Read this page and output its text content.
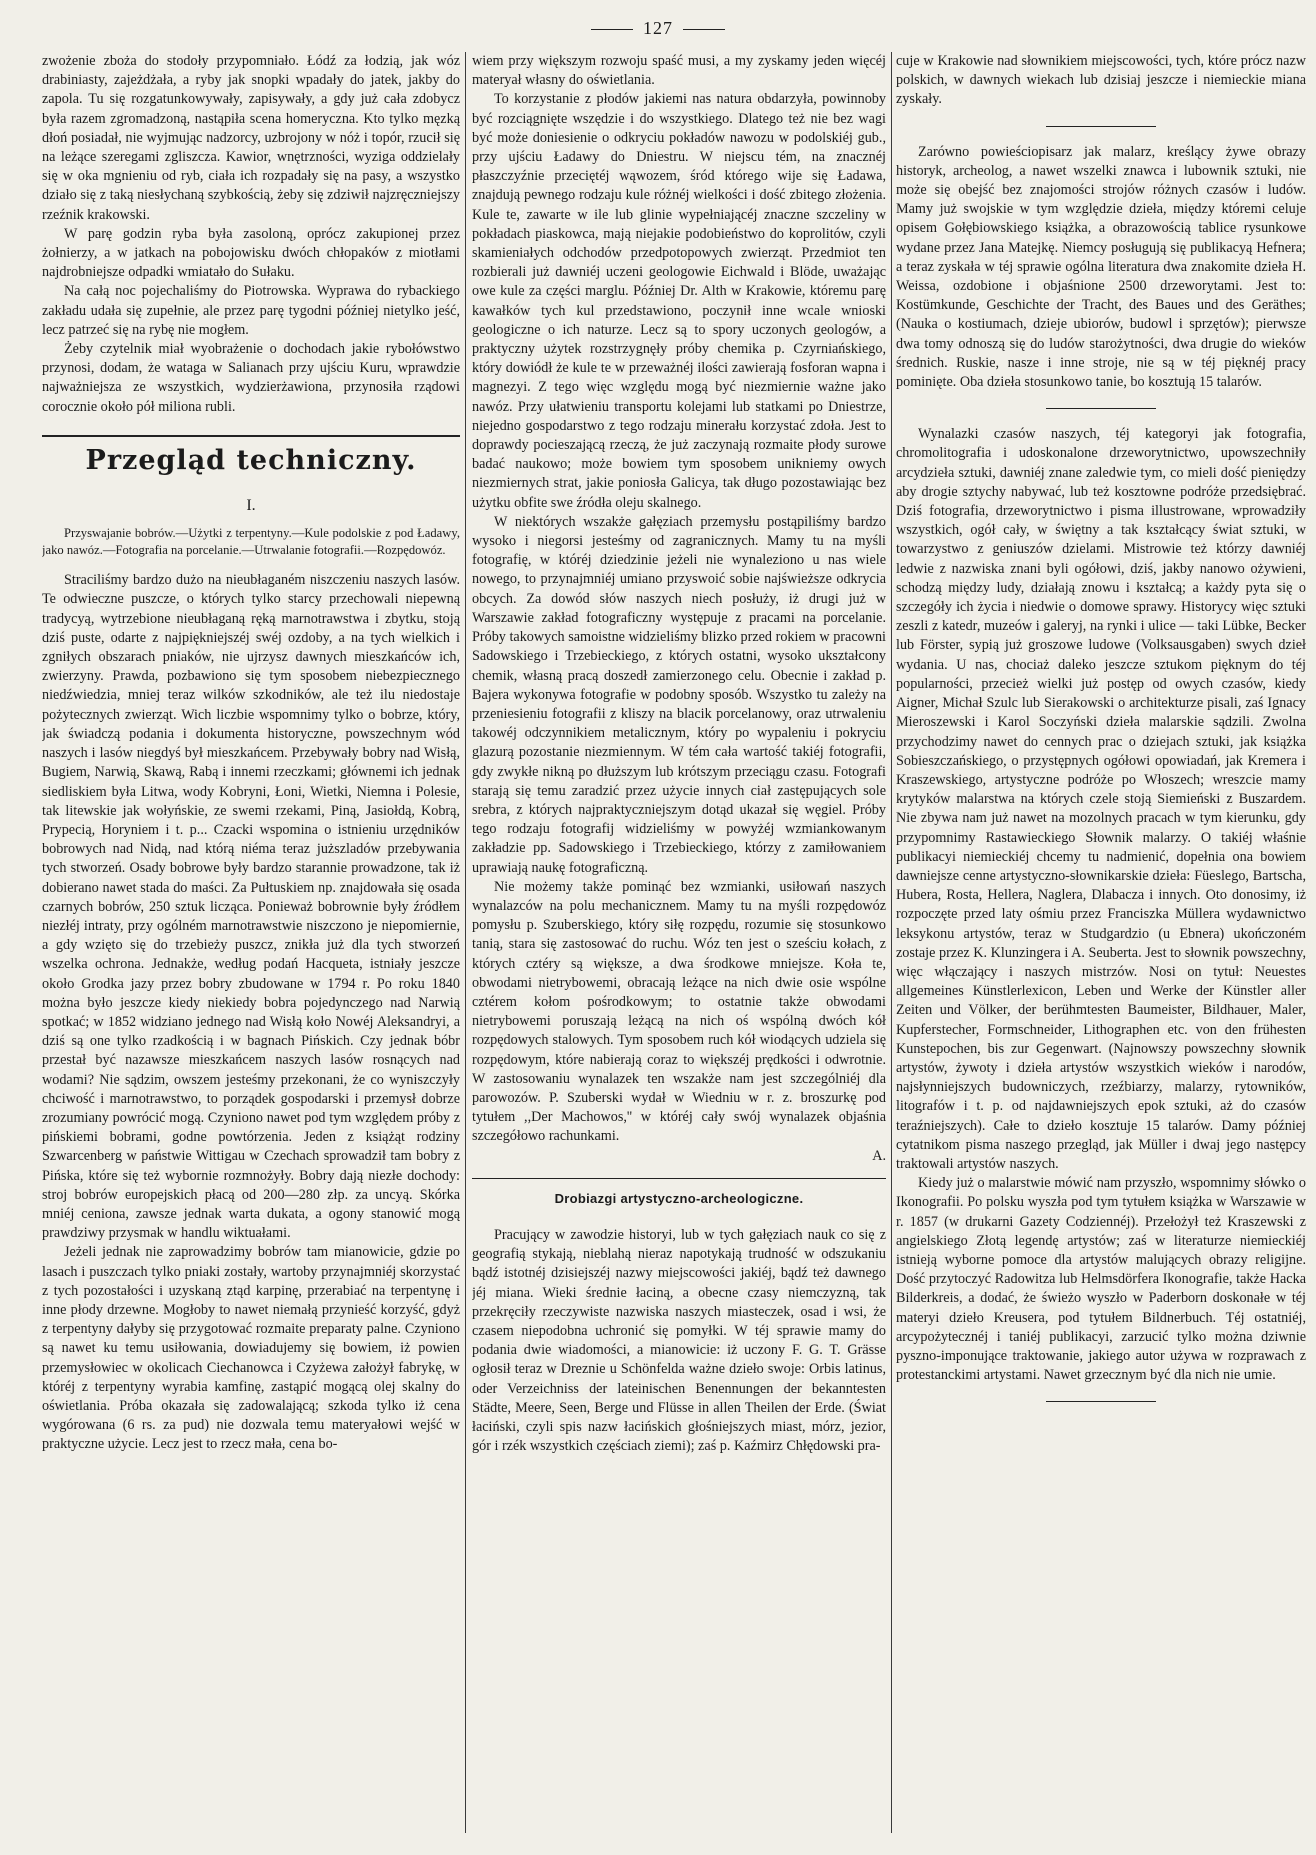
127

zwożenie zboża do stodoły przypomniało. Łódź za łodzią, jak wóz drabiniasty, zajeżdżała, a ryby jak snopki wpadały do jatek, jakby do zapola. Tu się rozgatunkowywały, zapisywały, a gdy już cała zdobycz była razem zgromadzoną, nastąpiła scena homeryczna. Kto tylko męzką dłoń posiadał, nie wyjmując nadzorcy, uzbrojony w nóż i topór, rzucił się na leżące szeregami zgliszcza. Kawior, wnętrzności, wyziga oddzielały się w oka mgnieniu od ryb, ciała ich rozpadały się na pasy, a wszystko działo się z taką niesłychaną szybkością, żeby się zdziwił najzręczniejszy rzeźnik krakowski.

W parę godzin ryba była zasoloną, oprócz zakupionej przez żołnierzy, a w jatkach na pobojowisku dwóch chłopaków z miotłami najdrobniejsze odpadki wmiatało do Sułaku.

Na całą noc pojechaliśmy do Piotrowska. Wyprawa do rybackiego zakładu udała się zupełnie, ale przez parę tygodni później nietylko jeść, lecz patrzeć się na rybę nie mogłem.

Żeby czytelnik miał wyobrażenie o dochodach jakie rybołówstwo przynosi, dodam, że wataga w Salianach przy ujściu Kuru, wprawdzie najważniejsza ze wszystkich, wydzierżawiona, przynosiła rządowi corocznie około pół miliona rubli.

Przegląd techniczny.
I.

Przyswajanie bobrów.—Użytki z terpentyny.—Kule podolskie z pod Ładawy, jako nawóz.—Fotografia na porcelanie.—Utrwalanie fotografii.—Rozpędowóz.

Straciliśmy bardzo dużo na nieubłaganém niszczeniu naszych lasów. Te odwieczne puszcze, o których tylko starcy przechowali niepewną tradycyą, wytrzebione nieubłaganą ręką marnotrawstwa i zbytku, stoją dziś puste, odarte z najpiękniejszéj swéj ozdoby, a na tych wielkich i zgniłych obszarach pniaków, nie ujrzysz dawnych mieszkańców ich, zwierzyny. Prawda, pozbawiono się tym sposobem niebezpiecznego niedźwiedzia, mniej teraz wilków szkodników, ale też ilu niedostaje pożytecznych zwierząt. Wich liczbie wspomnimy tylko o bobrze, który, jak świadczą podania i dokumenta historyczne, powszechnym wód naszych i lasów niegdyś był mieszkańcem. Przebywały bobry nad Wisłą, Bugiem, Narwią, Skawą, Rabą i innemi rzeczkami; głównemi ich jednak siedliskiem była Litwa, wody Kobryni, Łoni, Wietki, Niemna i Polesie, tak litewskie jak wołyńskie, ze swemi rzekami, Piną, Jasiołdą, Kobrą, Prypecią, Horyniem i t. p... Czacki wspomina o istnieniu urzędników bobrowych nad Nidą, nad którą niéma teraz juższladów przebywania tych stworzeń. Osady bobrowe były bardzo starannie prowadzone, tak iż dobierano nawet stada do maści. Za Pułtuskiem np. znajdowała się osada czarnych bobrów, 250 sztuk licząca. Ponieważ bobrownie były źródłem niezłéj intraty, przy ogólném marnotrawstwie niszczono je niepomiernie, a gdy wzięto się do trzebieży puszcz, znikła już dla tych stworzeń wszelka ochrona. Jednakże, według podań Hacqueta, istniały jeszcze około Grodka jazy przez bobry zbudowane w 1794 r. Po roku 1840 można było jeszcze kiedy niekiedy bobra pojedynczego nad Narwią spotkać; w 1852 widziano jednego nad Wisłą koło Nowéj Aleksandryi, a dziś są one tylko rzadkością i w bagnach Pińskich. Czy jednak bóbr przestał być nazawsze mieszkańcem naszych lasów rosnących nad wodami? Nie sądzim, owszem jesteśmy przekonani, że co wyniszczyły chciwość i marnotrawstwo, to porządek gospodarski i przemysł dobrze zrozumiany powrócić mogą. Czyniono nawet pod tym względem próby z pińskiemi bobrami, godne powtórzenia. Jeden z książąt rodziny Szwarcenberg w państwie Wittigau w Czechach sprowadził tam bobry z Pińska, które się też wybornie rozmnożyły. Bobry dają niezłe dochody: stroj bobrów europejskich płacą od 200—280 złp. za uncyą. Skórka mniéj ceniona, zawsze jednak warta dukata, a ogony stanowić mogą prawdziwy przysmak w handlu wiktuałami.

Jeżeli jednak nie zaprowadzimy bobrów tam mianowicie, gdzie po lasach i puszczach tylko pniaki zostały, wartoby przynajmniéj skorzystać z tych pozostałości i uzyskaną ztąd karpinę, przerabiać na terpentynę i inne płody drzewne. Mogłoby to nawet niemałą przynieść korzyść, gdyż z terpentyny dałyby się przygotować rozmaite preparaty palne. Czyniono są nawet ku temu usiłowania, dowiadujemy się bowiem, iż powien przemysłowiec w okolicach Ciechanowca i Czyżewa założył fabrykę, w któréj z terpentyny wyrabia kamfinę, zastąpić mogącą olej skalny do oświetlania. Próba okazała się zadowalającą; szkoda tylko iż cena wygórowana (6 rs. za pud) nie dozwala temu materyałowi wejść w praktyczne użycie. Lecz jest to rzecz mała, cena bo-

wiem przy większym rozwoju spaść musi, a my zyskamy jeden więcéj materyał własny do oświetlania.

To korzystanie z płodów jakiemi nas natura obdarzyła, powinnoby być rozciągnięte wszędzie i do wszystkiego. Dlatego też nie bez wagi być może doniesienie o odkryciu pokładów nawozu w podolskiéj gub., przy ujściu Ładawy do Dniestru. W niejscu tém, na znacznéj płaszczyźnie przeciętéj wąwozem, śród którego wije się Ładawa, znajdują pewnego rodzaju kule różnéj wielkości i dość zbitego złożenia. Kule te, zawarte w ile lub glinie wypełniającéj znaczne szczeliny w pokładach piaskowca, mają niejakie podobieństwo do koprolitów, czyli skamieniałych odchodów przedpotopowych zwierząt. Przedmiot ten rozbierali już dawniéj uczeni geologowie Eichwald i Blöde, uważając owe kule za części marglu. Później Dr. Alth w Krakowie, któremu parę kawałków tych kul przedstawiono, poczynił inne wcale wnioski geologiczne o ich naturze. Lecz są to spory uczonych geologów, a praktyczny użytek rozstrzygnęły próby chemika p. Czyrniańskiego, który dowiódł że kule te w przeważnéj ilości zawierają fosforan wapna i magnezyi. Z tego więc względu mogą być niezmiernie ważne jako nawóz. Przy ułatwieniu transportu kolejami lub statkami po Dniestrze, niejedno gospodarstwo z tego rodzaju minerału korzystać zdoła. Jest to doprawdy pocieszającą rzeczą, że już zaczynają rozmaite płody surowe badać naukowo; może bowiem tym sposobem unikniemy owych niezmiernych strat, jakie poniosła Galicya, tak długo pozostawiając bez użytku obfite swe źródła oleju skalnego.

W niektórych wszakże gałęziach przemysłu postąpiliśmy bardzo wysoko i niegorsi jesteśmy od zagranicznych. Mamy tu na myśli fotografię, w któréj dziedzinie jeżeli nie wynaleziono u nas wiele nowego, to przynajmniéj umiano przyswoić sobie najświeższe odkrycia obcych. Za dowód słów naszych niech posłuży, iż drugi już w Warszawie zakład fotograficzny występuje z pracami na porcelanie. Próby takowych samoistne widzieliśmy blizko przed rokiem w pracowni Sadowskiego i Trzebieckiego, z których ostatni, wysoko ukształcony chemik, własną pracą doszedł zamierzonego celu. Obecnie i zakład p. Bajera wykonywa fotografie w podobny sposób. Wszystko tu zależy na przeniesieniu fotografii z kliszy na blacik porcelanowy, oraz utrwaleniu takowéj odczynnikiem metalicznym, który po wypaleniu i pokryciu glazurą pozostanie niezmiennym. W tém cała wartość takiéj fotografii, gdy zwykłe nikną po dłuższym lub krótszym przeciągu czasu. Fotografi starają się temu zaradzić przez użycie innych ciał zastępujących sole srebra, z których najpraktyczniejszym dotąd ukazał się węgiel. Próby tego rodzaju fotografij widzieliśmy w powyżéj wzmiankowanym zakładzie pp. Sadowskiego i Trzebieckiego, którzy z zamiłowaniem uprawiają naukę fotograficzną.

Nie możemy także pominąć bez wzmianki, usiłowań naszych wynalazców na polu mechanicznem. Mamy tu na myśli rozpędowóz pomysłu p. Szuberskiego, który siłę rozpędu, rozumie się stosunkowo tanią, stara się zastosować do ruchu. Wóz ten jest o sześciu kołach, z których cztéry są większe, a dwa środkowe mniejsze. Koła te, obwodami nietrybowemi, obracają leżące na nich dwie osie wspólne cztérem kołom pośrodkowym; to ostatnie także obwodami nietrybowemi poruszają leżącą na nich oś wspólną dwóch kół rozpędowych stalowych. Tym sposobem ruch kół wiodących udziela się rozpędowym, które nabierają coraz to większéj prędkości i odwrotnie. W zastosowaniu wynalazek ten wszakże nam jest szczególniéj dla parowozów. P. Szuberski wydał w Wiedniu w r. z. broszurkę pod tytułem ,,Der Machowos,'' w któréj cały swój wynalazek objaśnia szczegółowo rachunkami.

A.
Drobiazgi artystyczno-archeologiczne.

Pracujący w zawodzie historyi, lub w tych gałęziach nauk co się z geografią stykają, nieblahą nieraz napotykają trudność w odszukaniu bądź istotnéj dzisiejszéj nazwy miejscowości jakiéj, bądź też dawnego jéj miana. Wieki średnie łaciną, a obecne czasy niemczyzną, tak przekręciły rzeczywiste nazwiska naszych miasteczek, osad i wsi, że czasem niepodobna uchronić się pomyłki. W téj sprawie mamy do podania dwie wiadomości, a mianowicie: iż uczony F. G. T. Grässe ogłosił teraz w Dreznie u Schönfelda ważne dzieło swoje: Orbis latinus, oder Verzeichniss der lateinischen Benennungen der bekanntesten Städte, Meere, Seen, Berge und Flüsse in allen Theilen der Erde. (Świat łaciński, czyli spis nazw łacińskich głośniejszych miast, mórz, jezior, gór i rzék wszystkich częściach ziemi); zaś p. Kaźmirz Chłędowski pra-

cuje w Krakowie nad słownikiem miejscowości, tych, które prócz nazw polskich, w dawnych wiekach lub dzisiaj jeszcze i niemieckie miana zyskały.

Zarówno powieściopisarz jak malarz, kreślący żywe obrazy historyk, archeolog, a nawet wszelki znawca i lubownik sztuki, nie może się obejść bez znajomości strojów różnych czasów i ludów. Mamy już swojskie w tym względzie dzieła, między któremi celuje opisem Gołębiowskiego książka, a obrazowością tablice rysunkowe wydane przez Jana Matejkę. Niemcy posługują się publikacyą Hefnera; a teraz zyskała w téj sprawie ogólna literatura dwa znakomite dzieła H. Weissa, ozdobione i objaśnione 2500 drzeworytami. Jest to: Kostümkunde, Geschichte der Tracht, des Baues und des Geräthes; (Nauka o kostiumach, dzieje ubiorów, budowl i sprzętów); pierwsze dwa tomy odnoszą się do ludów starożytności, dwa drugie do wieków średnich. Ruskie, nasze i inne stroje, nie są w téj pięknéj pracy pominięte. Oba dzieła stosunkowo tanie, bo kosztują 15 talarów.

Wynalazki czasów naszych, téj kategoryi jak fotografia, chromolitografia i udoskonalone drzeworytnictwo, upowszechniły arcydzieła sztuki, dawniéj znane zaledwie tym, co mieli dość pieniędzy aby drogie sztychy nabywać, lub też kosztowne podróże przedsiębrać. Dziś fotografia, drzeworytnictwo i pisma illustrowane, wprowadziły wszystkich, ogół cały, w świętny a tak kształcący świat sztuki, w towarzystwo z geniuszów dzielami. Mistrowie też którzy dawniéj ledwie z nazwiska znani byli ogółowi, dziś, jakby nanowo ożywieni, schodzą między ludy, działają znowu i kształcą; a każdy pyta się o szczegóły ich życia i niedwie o domowe sprawy. Historycy więc sztuki zeszli z katedr, muzeów i galeryj, na rynki i ulice — taki Lübke, Becker lub Förster, sypią już groszowe ludowe (Volksausgaben) swych dzieł wydania. U nas, chociaż daleko jeszcze sztukom pięknym do téj popularności, przecież wielki już postęp od owych czasów, kiedy Aigner, Michał Szulc lub Sierakowski o architekturze pisali, zaś Ignacy Mieroszewski i Karol Soczyński dzieła malarskie sądzili. Zwolna przychodzimy nawet do cennych prac o dziejach sztuki, jak książka Sobieszczańskiego, o przystępnych ogółowi opowiadań, jak Kremera i Kraszewskiego, artystyczne podróże po Włoszech; wreszcie mamy krytyków malarstwa na których czele stoją Siemieński z Buszardem. Nie zbywa nam już nawet na mozolnych pracach w tym kierunku, gdy przypomnimy Rastawieckiego Słownik malarzy. O takiéj właśnie publikacyi niemieckiéj chcemy tu nadmienić, dopełnia ona bowiem dawniejsze cenne artystyczno-słownikarskie dzieła: Füeslego, Bartscha, Hubera, Rosta, Hellera, Naglera, Dlabacza i innych. Oto donosimy, iż rozpoczęte przed laty ośmiu przez Franciszka Müllera wydawnictwo leksykonu artystów, teraz w Studgardzio (u Ebnera) ukończoném zostaje przez K. Klunzingera i A. Seuberta. Jest to słownik powszechny, więc włączający i naszych mistrzów. Nosi on tytuł: Neuestes allgemeines Künstlerlexicon, Leben und Werke der Künstler aller Zeiten und Völker, der berühmtesten Baumeister, Bildhauer, Maler, Kupferstecher, Formschneider, Lithographen etc. von den frühesten Kunstepochen, bis zur Gegenwart. (Najnowszy powszechny słownik artystów, żywoty i dzieła artystów wszystkich wieków i narodów, najsłynniejszych budowniczych, rzeźbiarzy, malarzy, rytowników, litografów i t. p. od najdawniejszych epok sztuki, aż do czasów teraźniejszych). Całe to dzieło kosztuje 15 talarów. Damy później cytatnikom pisma naszego przegląd, jak Müller i dwaj jego następcy traktowali artystów naszych.

Kiedy już o malarstwie mówić nam przyszło, wspomnimy słówko o Ikonografii. Po polsku wyszła pod tym tytułem książka w Warszawie w r. 1857 (w drukarni Gazety Codziennéj). Przełożył też Kraszewski z angielskiego Złotą legendę artystów; zaś w literaturze niemieckiéj istnieją wyborne pomoce dla artystów malujących obrazy religijne. Dość przytoczyć Radowitza lub Helmsdörfera Ikonografie, także Hacka Bilderkreis, a dodać, że świeżo wyszło w Paderborn doskonałe w téj materyi dzieło Kreusera, pod tytułem Bildnerbuch. Téj ostatniéj, arcypożytecznéj i taniéj publikacyi, zarzucić tylko można dziwnie pyszno-imponujące traktowanie, jakiego autor używa w rozprawach z protestanckimi artystami. Nawet grzecznym być dla nich nie umie.
